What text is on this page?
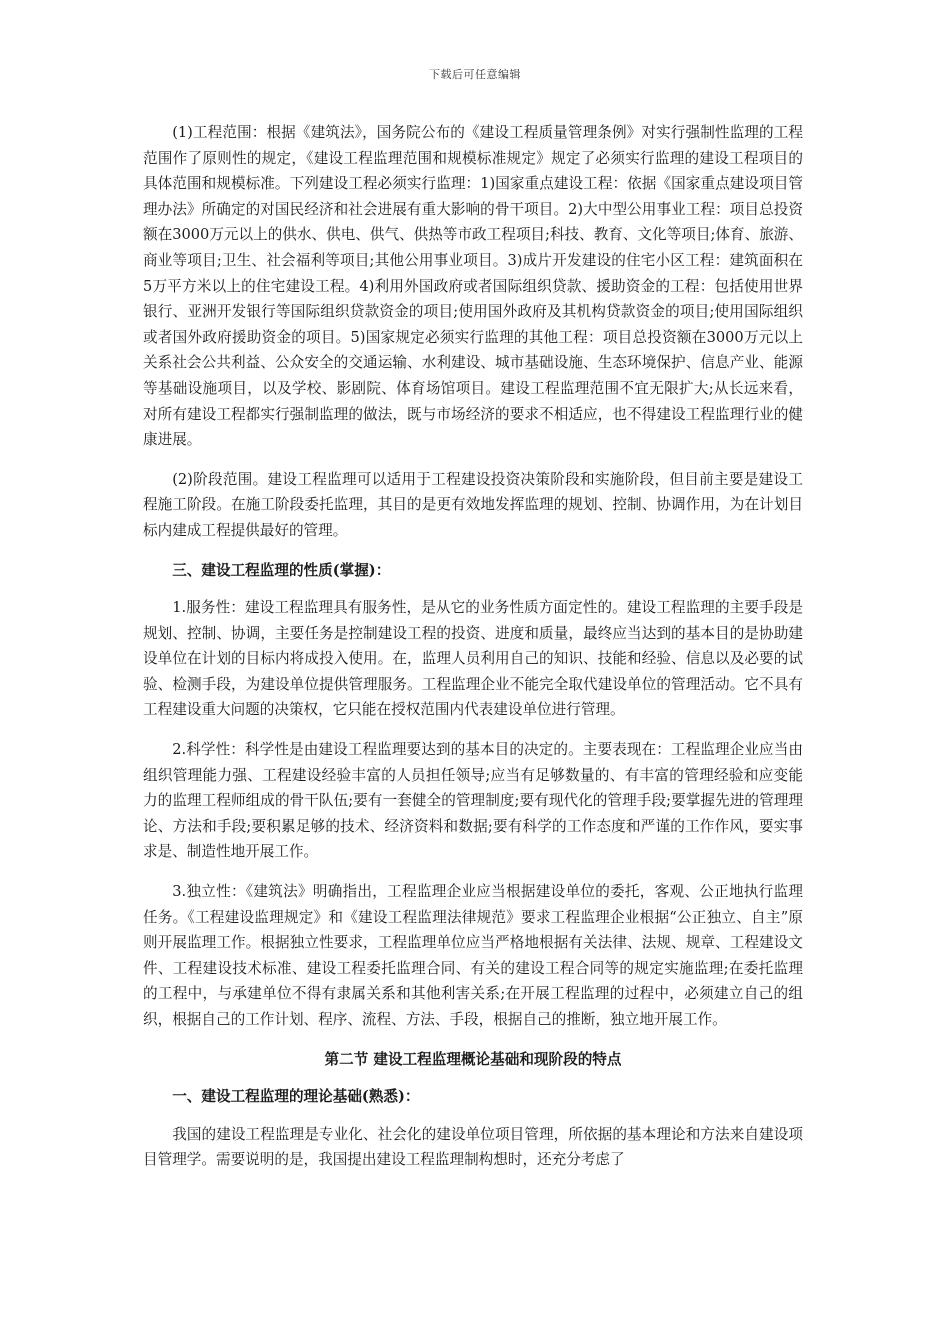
下载后可任意编辑

(1)工程范围：根据《建筑法》，国务院公布的《建设工程质量管理条例》对实行强制性监理的工程范围作了原则性的规定，《建设工程监理范围和规模标准规定》规定了必须实行监理的建设工程项目的具体范围和规模标准。下列建设工程必须实行监理：1)国家重点建设工程：依据《国家重点建设项目管理办法》所确定的对国民经济和社会进展有重大影响的骨干项目。2)大中型公用事业工程：项目总投资额在3000万元以上的供水、供电、供气、供热等市政工程项目;科技、教育、文化等项目;体育、旅游、商业等项目;卫生、社会福利等项目;其他公用事业项目。3)成片开发建设的住宅小区工程：建筑面积在5万平方米以上的住宅建设工程。4)利用外国政府或者国际组织贷款、援助资金的工程：包括使用世界银行、亚洲开发银行等国际组织贷款资金的项目;使用国外政府及其机构贷款资金的项目;使用国际组织或者国外政府援助资金的项目。5)国家规定必须实行监理的其他工程：项目总投资额在3000万元以上关系社会公共利益、公众安全的交通运输、水利建设、城市基础设施、生态环境保护、信息产业、能源等基础设施项目，以及学校、影剧院、体育场馆项目。建设工程监理范围不宜无限扩大;从长远来看，对所有建设工程都实行强制监理的做法，既与市场经济的要求不相适应，也不得建设工程监理行业的健康进展。

(2)阶段范围。建设工程监理可以适用于工程建设投资决策阶段和实施阶段，但目前主要是建设工程施工阶段。在施工阶段委托监理，其目的是更有效地发挥监理的规划、控制、协调作用，为在计划目标内建成工程提供最好的管理。

三、建设工程监理的性质(掌握)：

1.服务性：建设工程监理具有服务性，是从它的业务性质方面定性的。建设工程监理的主要手段是规划、控制、协调，主要任务是控制建设工程的投资、进度和质量，最终应当达到的基本目的是协助建设单位在计划的目标内将成投入使用。在，监理人员利用自己的知识、技能和经验、信息以及必要的试验、检测手段，为建设单位提供管理服务。工程监理企业不能完全取代建设单位的管理活动。它不具有工程建设重大问题的决策权，它只能在授权范围内代表建设单位进行管理。

2.科学性：科学性是由建设工程监理要达到的基本目的决定的。主要表现在：工程监理企业应当由组织管理能力强、工程建设经验丰富的人员担任领导;应当有足够数量的、有丰富的管理经验和应变能力的监理工程师组成的骨干队伍;要有一套健全的管理制度;要有现代化的管理手段;要掌握先进的管理理论、方法和手段;要积累足够的技术、经济资料和数据;要有科学的工作态度和严谨的工作作风，要实事求是、制造性地开展工作。

3.独立性：《建筑法》明确指出，工程监理企业应当根据建设单位的委托，客观、公正地执行监理任务。《工程建设监理规定》和《建设工程监理法律规范》要求工程监理企业根据“公正独立、自主”原则开展监理工作。根据独立性要求，工程监理单位应当严格地根据有关法律、法规、规章、工程建设文件、工程建设技术标准、建设工程委托监理合同、有关的建设工程合同等的规定实施监理;在委托监理的工程中，与承建单位不得有隶属关系和其他利害关系;在开展工程监理的过程中，必须建立自己的组织，根据自己的工作计划、程序、流程、方法、手段，根据自己的推断，独立地开展工作。

第二节 建设工程监理概论基础和现阶段的特点

一、建设工程监理的理论基础(熟悉)：

我国的建设工程监理是专业化、社会化的建设单位项目管理，所依据的基本理论和方法来自建设项目管理学。需要说明的是，我国提出建设工程监理制构想时，还充分考虑了
